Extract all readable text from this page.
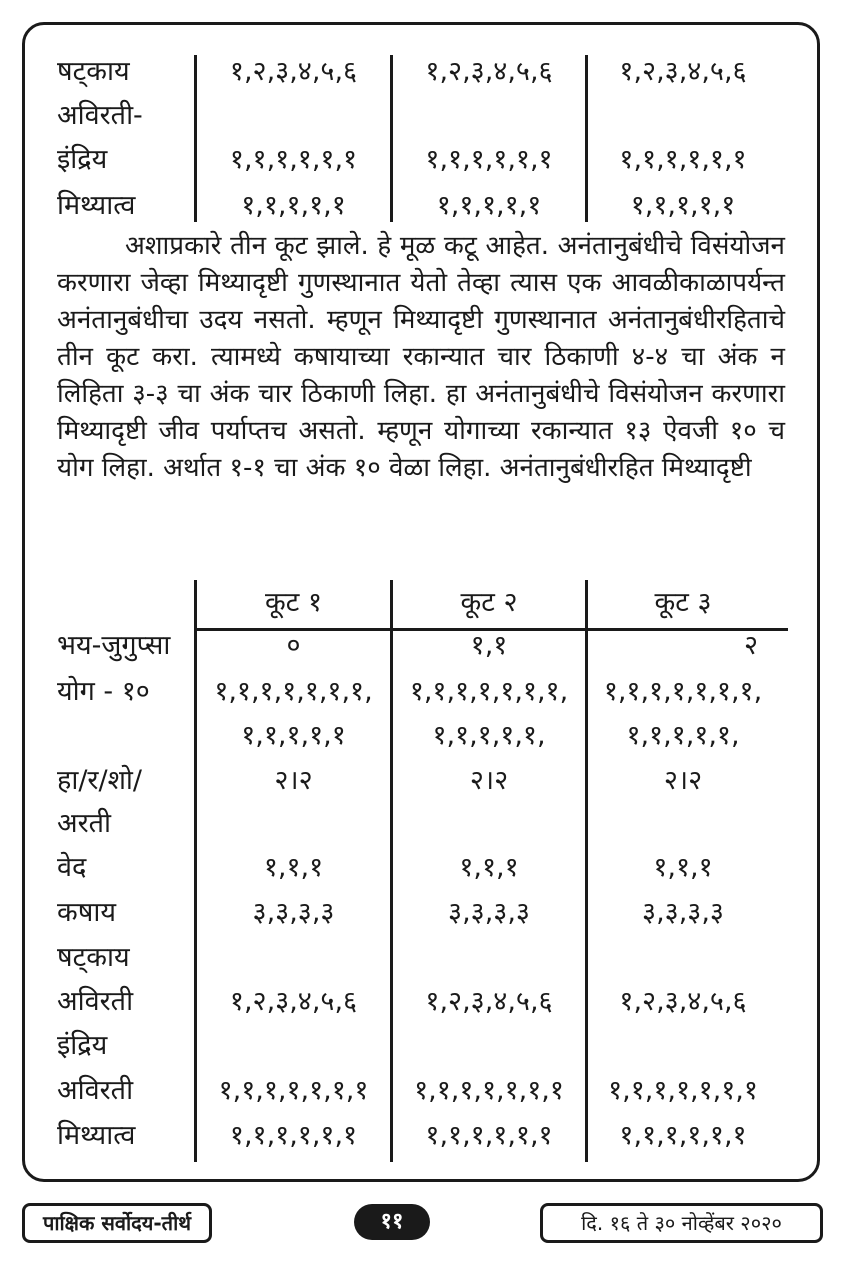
षट्काय	१,२,३,४,५,६	१,२,३,४,५,६	१,२,३,४,५,६
अविरती-
इंद्रिय	१,१,१,१,१,१	१,१,१,१,१,१	१,१,१,१,१,१
मिथ्यात्व	१,१,१,१,१	१,१,१,१,१	१,१,१,१,१

अशाप्रकारे तीन कूट झाले. हे मूळ कटू आहेत. अनंतानुबंधीचे विसंयोजन करणारा जेव्हा मिथ्यादृष्टी गुणस्थानात येतो तेव्हा त्यास एक आवळीकाळापर्यन्त अनंतानुबंधीचा उदय नसतो. म्हणून मिथ्यादृष्टी गुणस्थानात अनंतानुबंधीरहिताचे तीन कूट करा. त्यामध्ये कषायाच्या रकान्यात चार ठिकाणी ४-४ चा अंक न लिहिता ३-३ चा अंक चार ठिकाणी लिहा. हा अनंतानुबंधीचे विसंयोजन करणारा मिथ्यादृष्टी जीव पर्याप्तच असतो. म्हणून योगाच्या रकान्यात १३ ऐवजी १० च योग लिहा. अर्थात १-१ चा अंक १० वेळा लिहा. अनंतानुबंधीरहित मिथ्यादृष्टी

कूट १	कूट २	कूट ३
भय-जुगुप्सा	०	१,१	२
योग - १०	१,१,१,१,१,१,१,	१,१,१,१,१,१,१,	१,१,१,१,१,१,१,
१,१,१,१,१	१,१,१,१,१,	१,१,१,१,१,
हा/र/शो/	२।२	२।२	२।२
अरती
वेद	१,१,१	१,१,१	१,१,१
कषाय	३,३,३,३	३,३,३,३	३,३,३,३
षट्काय
अविरती	१,२,३,४,५,६	१,२,३,४,५,६	१,२,३,४,५,६
इंद्रिय
अविरती	१,१,१,१,१,१,१	१,१,१,१,१,१,१	१,१,१,१,१,१,१
मिथ्यात्व	१,१,१,१,१,१	१,१,१,१,१,१	१,१,१,१,१,१
पाक्षिक सर्वोदय-तीर्थ	११	दि. १६ ते ३० नोव्हेंबर २०२०
